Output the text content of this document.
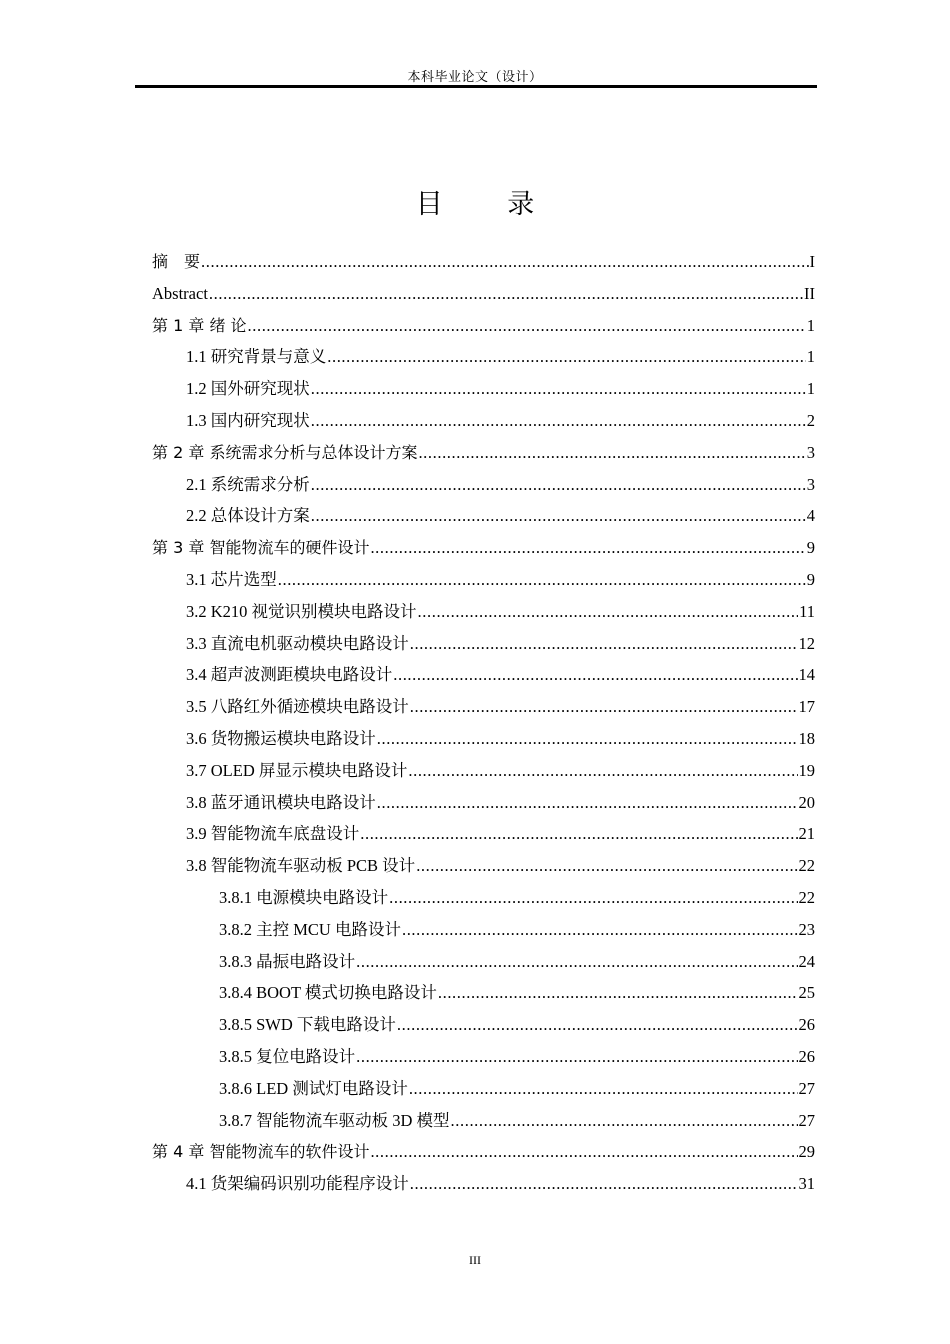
本科毕业论文（设计）
目 录
摘　要 .....	I
Abstract .....	II
第 1 章 绪 论 .....	1
1.1 研究背景与意义 .....	1
1.2 国外研究现状 .....	1
1.3 国内研究现状 .....	2
第 2 章 系统需求分析与总体设计方案 .....	3
2.1 系统需求分析 .....	3
2.2 总体设计方案 .....	4
第 3 章 智能物流车的硬件设计 .....	9
3.1 芯片选型 .....	9
3.2 K210 视觉识别模块电路设计 .....	11
3.3 直流电机驱动模块电路设计 .....	12
3.4 超声波测距模块电路设计 .....	14
3.5 八路红外循迹模块电路设计 .....	17
3.6 货物搬运模块电路设计 .....	18
3.7 OLED 屏显示模块电路设计 .....	19
3.8 蓝牙通讯模块电路设计 .....	20
3.9 智能物流车底盘设计 .....	21
3.8 智能物流车驱动板 PCB 设计 .....	22
3.8.1 电源模块电路设计 .....	22
3.8.2 主控 MCU 电路设计 .....	23
3.8.3 晶振电路设计 .....	24
3.8.4 BOOT 模式切换电路设计 .....	25
3.8.5 SWD 下载电路设计 .....	26
3.8.5 复位电路设计 .....	26
3.8.6 LED 测试灯电路设计 .....	27
3.8.7 智能物流车驱动板 3D 模型 .....	27
第 4 章 智能物流车的软件设计 .....	29
4.1 货架编码识别功能程序设计 .....	31
III
